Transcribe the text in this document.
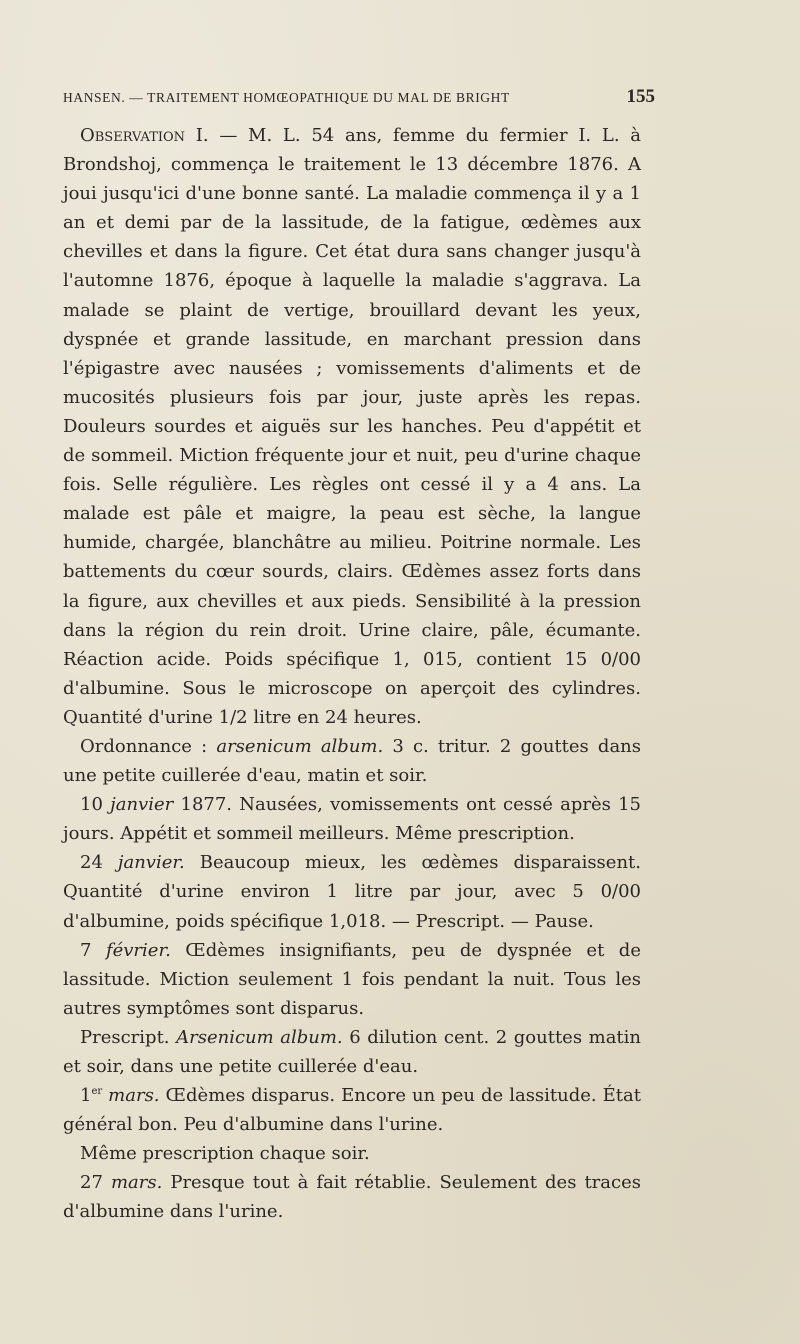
HANSEN. — TRAITEMENT HOMŒOPATHIQUE DU MAL DE BRIGHT	155

Observation I. — M. L. 54 ans, femme du fermier I. L. à Brondshoj, commença le traitement le 13 décembre 1876. A joui jusqu'ici d'une bonne santé. La maladie commença il y a 1 an et demi par de la lassitude, de la fatigue, œdèmes aux chevilles et dans la figure. Cet état dura sans changer jusqu'à l'automne 1876, époque à laquelle la maladie s'aggrava. La malade se plaint de vertige, brouillard devant les yeux, dyspnée et grande lassitude, en marchant pression dans l'épigastre avec nausées ; vomissements d'aliments et de mucosités plusieurs fois par jour, juste après les repas. Douleurs sourdes et aiguës sur les hanches. Peu d'appétit et de sommeil. Miction fréquente jour et nuit, peu d'urine chaque fois. Selle régulière. Les règles ont cessé il y a 4 ans. La malade est pâle et maigre, la peau est sèche, la langue humide, chargée, blanchâtre au milieu. Poitrine normale. Les battements du cœur sourds, clairs. Œdèmes assez forts dans la figure, aux chevilles et aux pieds. Sensibilité à la pression dans la région du rein droit. Urine claire, pâle, écumante. Réaction acide. Poids spécifique 1, 015, contient 15 0/00 d'albumine. Sous le microscope on aperçoit des cylindres. Quantité d'urine 1/2 litre en 24 heures.

Ordonnance : arsenicum album. 3 c. tritur. 2 gouttes dans une petite cuillerée d'eau, matin et soir.

10 janvier 1877. Nausées, vomissements ont cessé après 15 jours. Appétit et sommeil meilleurs. Même prescription.

24 janvier. Beaucoup mieux, les œdèmes disparaissent. Quantité d'urine environ 1 litre par jour, avec 5 0/00 d'albumine, poids spécifique 1,018. — Prescript. — Pause.

7 février. Œdèmes insignifiants, peu de dyspnée et de lassitude. Miction seulement 1 fois pendant la nuit. Tous les autres symptômes sont disparus.

Prescript. Arsenicum album. 6 dilution cent. 2 gouttes matin et soir, dans une petite cuillerée d'eau.

1er mars. Œdèmes disparus. Encore un peu de lassitude. État général bon. Peu d'albumine dans l'urine.

Même prescription chaque soir.

27 mars. Presque tout à fait rétablie. Seulement des traces d'albumine dans l'urine.
